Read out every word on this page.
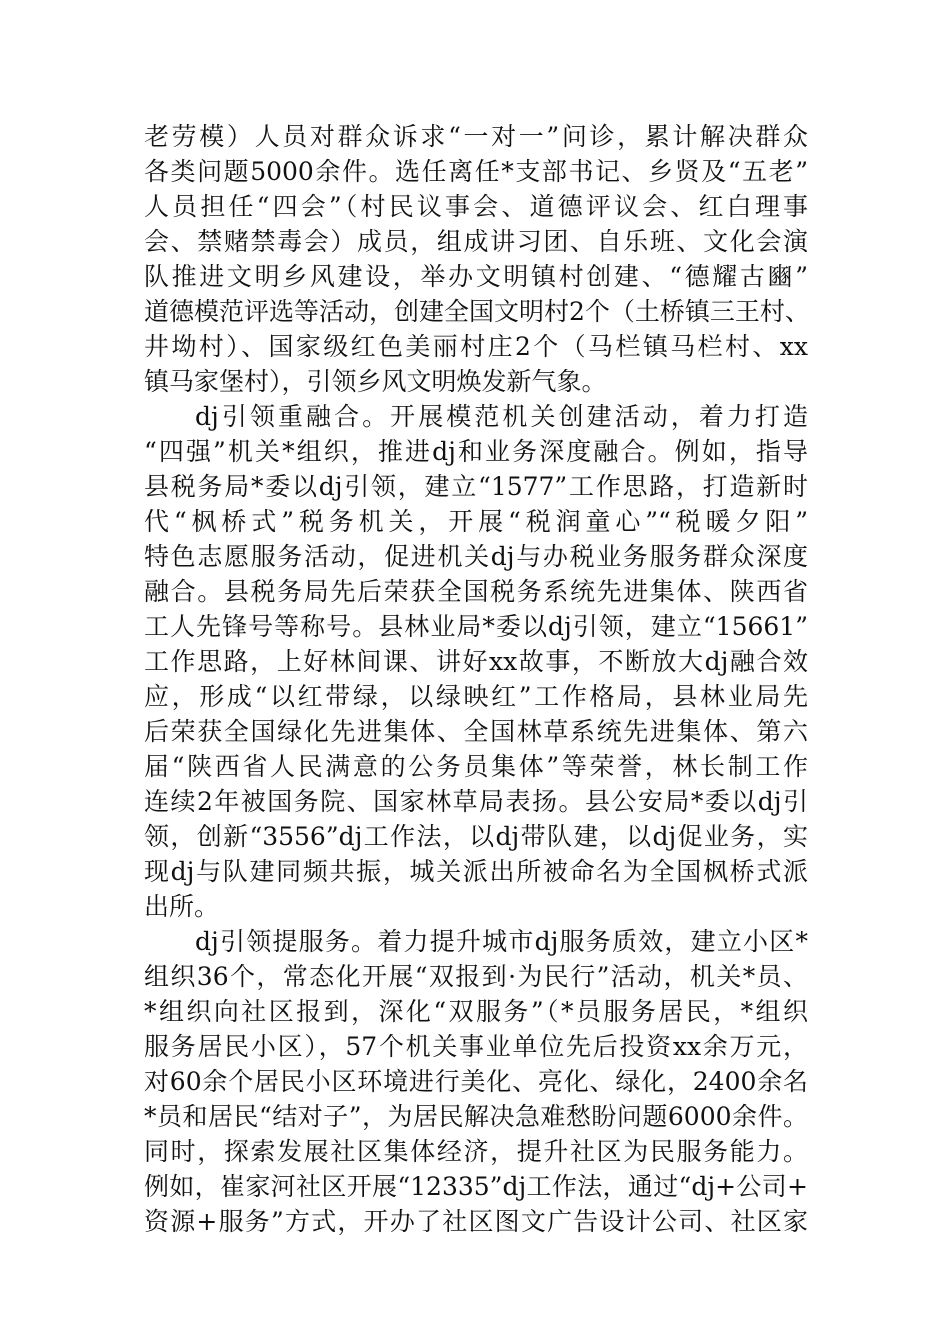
老劳模）人员对群众诉求“一对一”问诊，累计解决群众
各类问题5000余件。选任离任*支部书记、乡贤及“五老”
人员担任“四会”（村民议事会、道德评议会、红白理事
会、禁赌禁毒会）成员，组成讲习团、自乐班、文化会演
队推进文明乡风建设，举办文明镇村创建、“德耀古豳”
道德模范评选等活动，创建全国文明村2个（土桥镇三王村、
井坳村）、国家级红色美丽村庄2个（马栏镇马栏村、xx
镇马家堡村），引领乡风文明焕发新气象。
dj引领重融合。开展模范机关创建活动，着力打造
“四强”机关*组织，推进dj和业务深度融合。例如，指导
县税务局*委以dj引领，建立“1577”工作思路，打造新时
代“枫桥式”税务机关，开展“税润童心”“税暖夕阳”
特色志愿服务活动，促进机关dj与办税业务服务群众深度
融合。县税务局先后荣获全国税务系统先进集体、陕西省
工人先锋号等称号。县林业局*委以dj引领，建立“15661”
工作思路，上好林间课、讲好xx故事，不断放大dj融合效
应，形成“以红带绿，以绿映红”工作格局，县林业局先
后荣获全国绿化先进集体、全国林草系统先进集体、第六
届“陕西省人民满意的公务员集体”等荣誉，林长制工作
连续2年被国务院、国家林草局表扬。县公安局*委以dj引
领，创新“3556”dj工作法，以dj带队建，以dj促业务，实
现dj与队建同频共振，城关派出所被命名为全国枫桥式派
出所。
dj引领提服务。着力提升城市dj服务质效，建立小区*
组织36个，常态化开展“双报到·为民行”活动，机关*员、
*组织向社区报到，深化“双服务”（*员服务居民，*组织
服务居民小区），57个机关事业单位先后投资xx余万元，
对60余个居民小区环境进行美化、亮化、绿化，2400余名
*员和居民“结对子”，为居民解决急难愁盼问题6000余件。
同时，探索发展社区集体经济，提升社区为民服务能力。
例如，崔家河社区开展“12335”dj工作法，通过“dj+公司+
资源+服务”方式，开办了社区图文广告设计公司、社区家
